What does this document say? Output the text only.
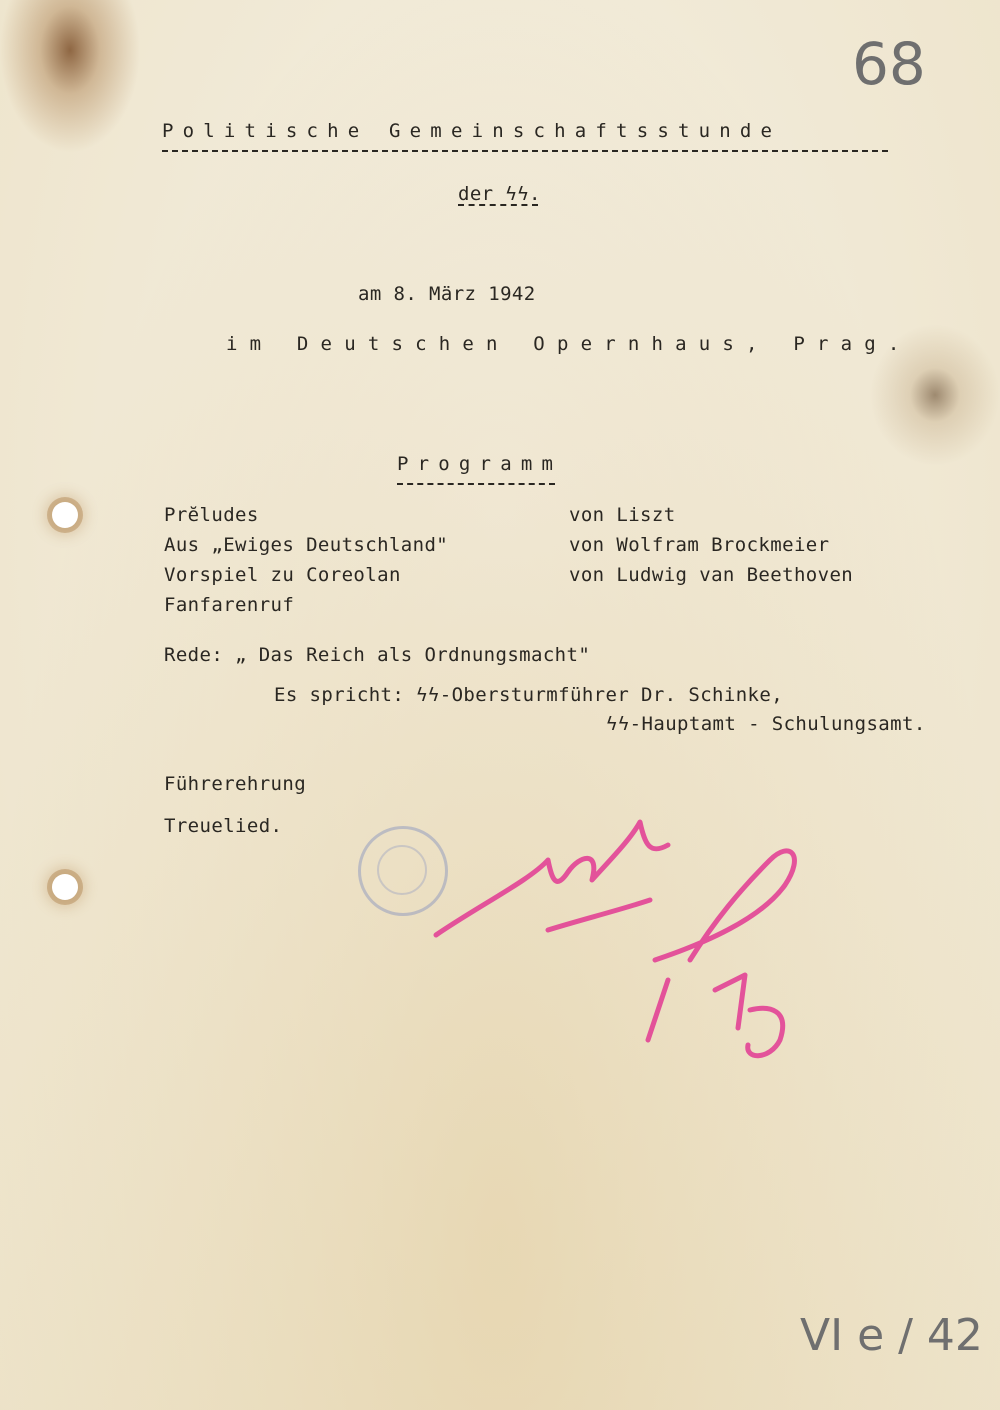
68
Politische Gemeinschaftsstunde
der ϟϟ.
am 8. März 1942
im Deutschen Opernhaus, Prag.
Programm
Prĕludes	von Liszt
Aus „Ewiges Deutschland"	von Wolfram Brockmeier
Vorspiel zu Coreolan	von Ludwig van Beethoven
Fanfarenruf
Rede: „ Das Reich als Ordnungsmacht"
Es spricht: ϟϟ-Obersturmführer Dr. Schinke,
ϟϟ-Hauptamt - Schulungsamt.
Führerehrung
Treuelied.
VI e / 42
